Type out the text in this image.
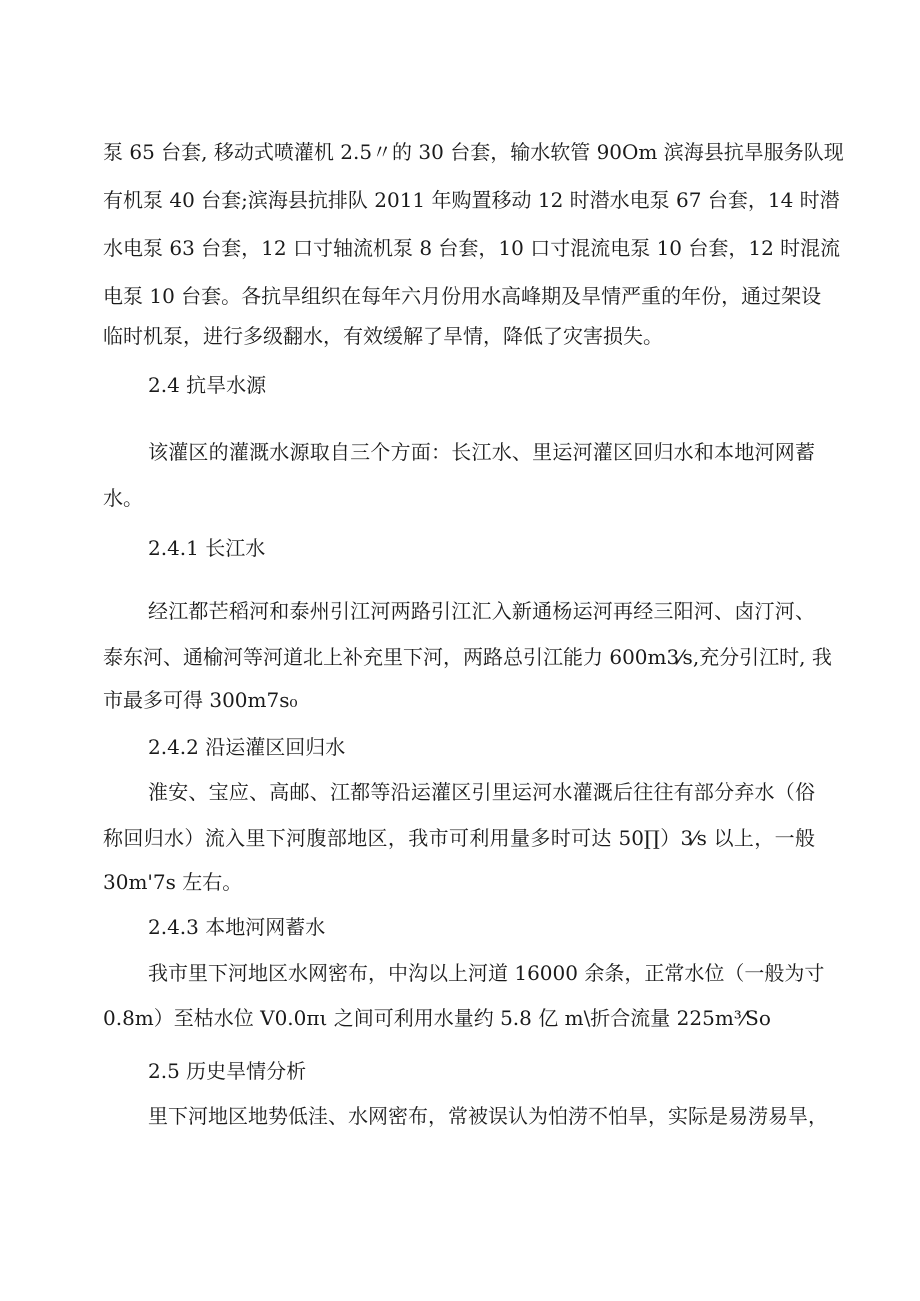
泵 65 台套, 移动式喷灌机 2.5〃的 30 台套，输水软管 90Om 滨海县抗旱服务队现
有机泵 40 台套;滨海县抗排队 2011 年购置移动 12 时潜水电泵 67 台套，14 时潜
水电泵 63 台套，12 口寸轴流机泵 8 台套，10 口寸混流电泵 10 台套，12 时混流
电泵 10 台套。各抗旱组织在每年六月份用水高峰期及旱情严重的年份，通过架设
临时机泵，进行多级翻水，有效缓解了旱情，降低了灾害损失。
2.4 抗旱水源
该灌区的灌溉水源取自三个方面：长江水、里运河灌区回归水和本地河网蓄
水。
2.4.1 长江水
经江都芒稻河和泰州引江河两路引江汇入新通杨运河再经三阳河、卤汀河、
泰东河、通榆河等河道北上补充里下河，两路总引江能力 600m3⁄s,充分引江时, 我
市最多可得 300m7s₀
2.4.2 沿运灌区回归水
淮安、宝应、高邮、江都等沿运灌区引里运河水灌溉后往往有部分弃水（俗
称回归水）流入里下河腹部地区，我市可利用量多时可达 50∏）3⁄s 以上，一般
30m'7s 左右。
2.4.3 本地河网蓄水
我市里下河地区水网密布，中沟以上河道 16000 余条，正常水位（一般为寸
0.8m）至枯水位 V0.0πι 之间可利用水量约 5.8 亿 m\折合流量 225m³⁄So
2.5 历史旱情分析
里下河地区地势低洼、水网密布，常被误认为怕涝不怕旱，实际是易涝易旱，
